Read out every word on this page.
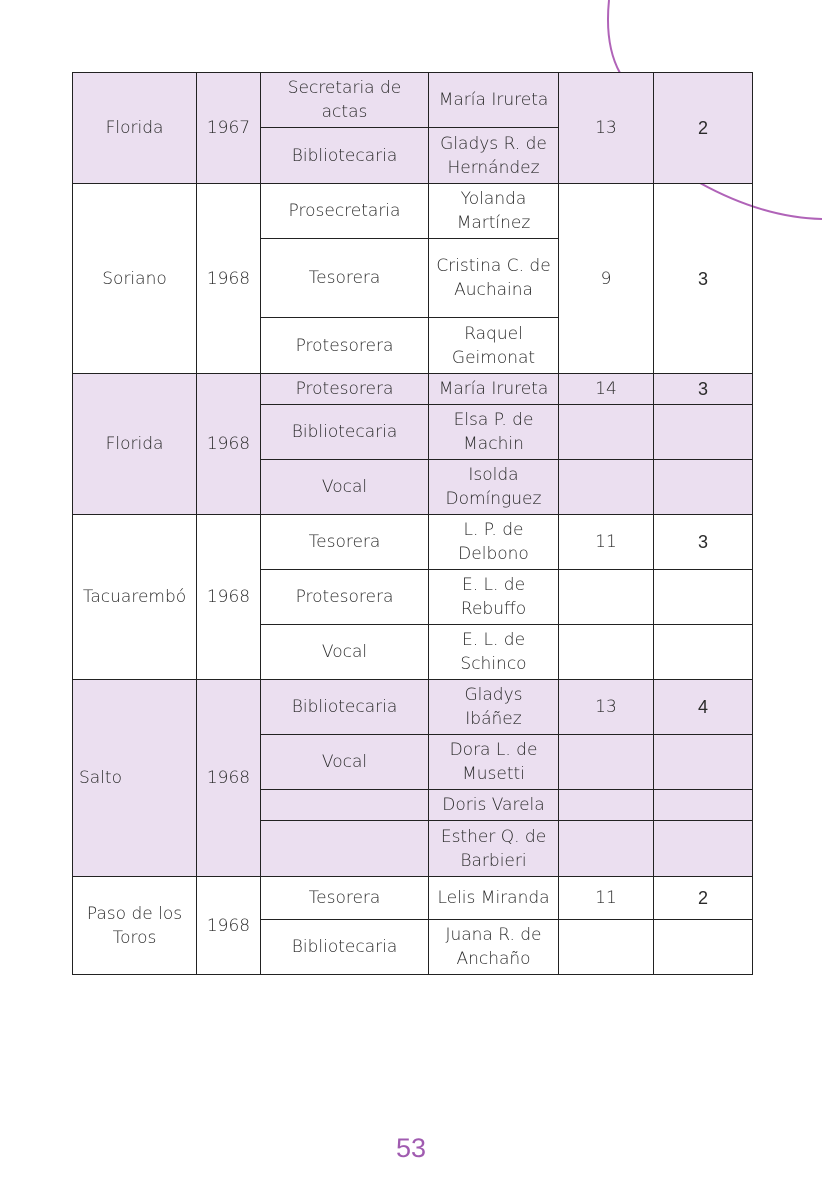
Florida	1967	Secretaria de actas	María Irureta	13	2
		Bibliotecaria	Gladys R. de Hernández		
Soriano	1968	Prosecretaria	Yolanda Martínez	9	3
		Tesorera	Cristina C. de Auchaina		
		Protesorera	Raquel Geimonat		
Florida	1968	Protesorera	María Irureta	14	3
		Bibliotecaria	Elsa P. de Machin		
		Vocal	Isolda Domínguez		
Tacuarembó	1968	Tesorera	L. P. de Delbono	11	3
		Protesorera	E. L. de Rebuffo		
		Vocal	E. L. de Schinco		
Salto	1968	Bibliotecaria	Gladys Ibáñez	13	4
		Vocal	Dora L. de Musetti		
			Doris Varela		
			Esther Q. de Barbieri		
Paso de los Toros	1968	Tesorera	Lelis Miranda	11	2
		Bibliotecaria	Juana R. de Anchaño		
53
